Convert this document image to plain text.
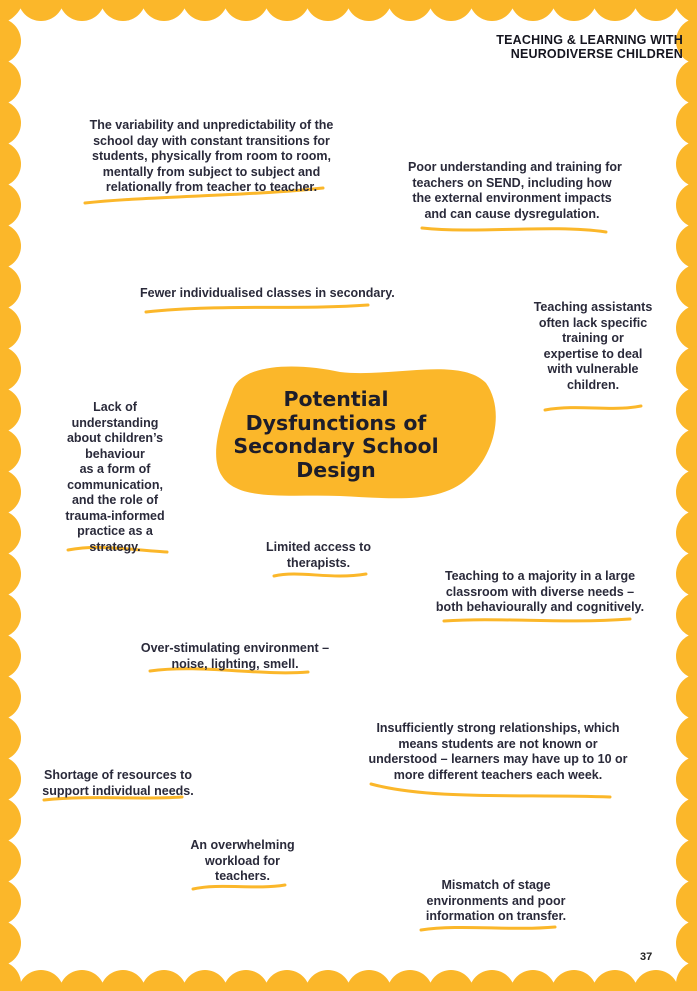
TEACHING & LEARNING WITH
NEURODIVERSE CHILDREN
Potential
Dysfunctions of
Secondary School
Design
The variability and unpredictability of the
school day with constant transitions for
students, physically from room to room,
mentally from subject to subject and
relationally from teacher to teacher.
Poor understanding and training for
teachers on SEND, including how
the external environment impacts
and can cause dysregulation.
Fewer individualised classes in secondary.
Teaching assistants
often lack specific
training or
expertise to deal
with vulnerable
children.
Lack of
understanding
about children’s
behaviour
as a form of
communication,
and the role of
trauma-informed
practice as a
strategy.	Limited access to
therapists.
Teaching to a majority in a large
classroom with diverse needs –
both behaviourally and cognitively.
Over-stimulating environment –
noise, lighting, smell.
Insufficiently strong relationships, which
means students are not known or
understood – learners may have up to 10 or
more different teachers each week.
Shortage of resources to
support individual needs.
An overwhelming
workload for
teachers.
Mismatch of stage
environments and poor
information on transfer.
37
